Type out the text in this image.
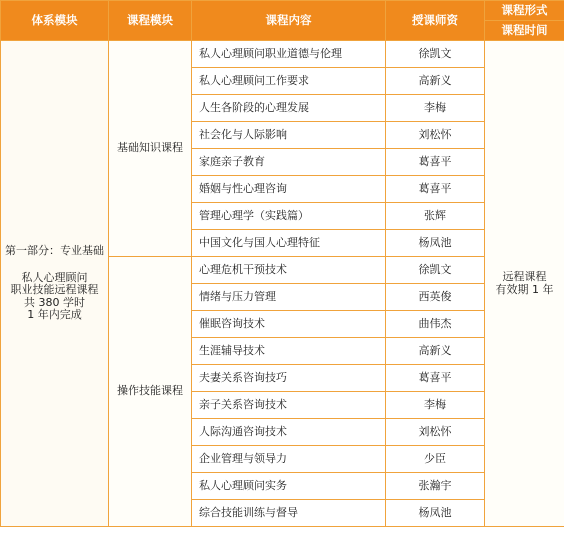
体系模块	课程模块	课程内容	授课师资	课程形式
				课程时间

第一部分：专业基础
私人心理顾问
职业技能远程课程
共 380 学时
1 年内完成	基础知识课程	私人心理顾问职业道德与伦理	徐凯文	远程课程
有效期 1 年

		私人心理顾问工作要求	高新义	
		人生各阶段的心理发展	李梅	
		社会化与人际影响	刘松怀	
		家庭亲子教育	葛喜平	
		婚姻与性心理咨询	葛喜平	
		管理心理学（实践篇）	张辉	
		中国文化与国人心理特征	杨凤池	
	操作技能课程	心理危机干预技术	徐凯文	
		情绪与压力管理	西英俊	
		催眠咨询技术	曲伟杰	
		生涯辅导技术	高新义	
		夫妻关系咨询技巧	葛喜平	
		亲子关系咨询技术	李梅	
		人际沟通咨询技术	刘松怀	
		企业管理与领导力	少臣	
		私人心理顾问实务	张瀚宇	
		综合技能训练与督导	杨凤池	
